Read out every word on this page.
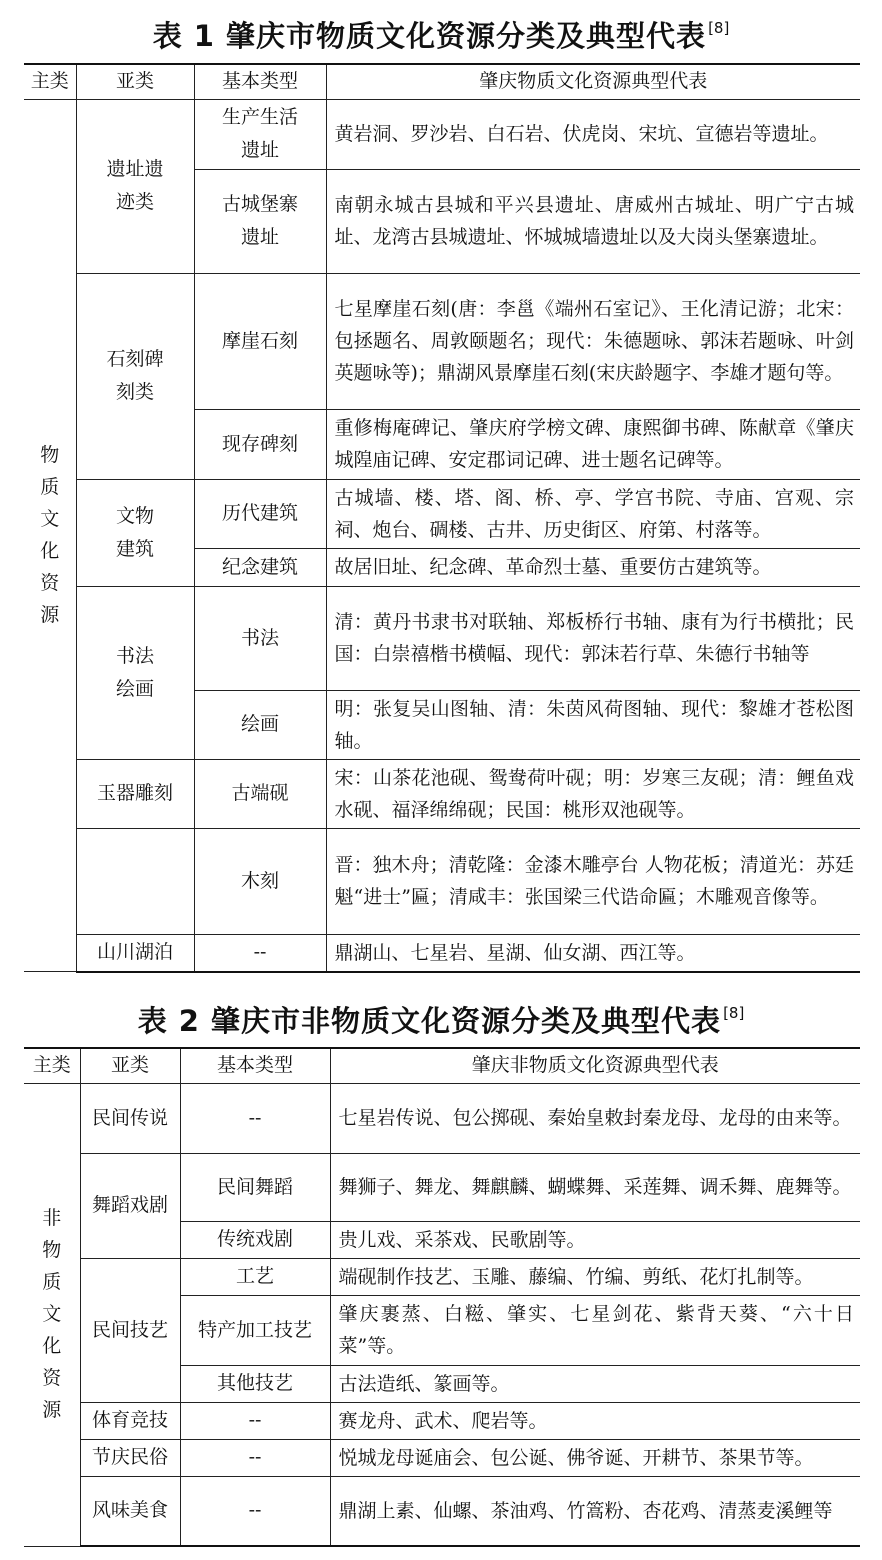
表 1 肇庆市物质文化资源分类及典型代表 [8]
主类	亚类	基本类型	肇庆物质文化资源典型代表
物质文化资源	遗址遗迹类	生产生活遗址	黄岩洞、罗沙岩、白石岩、伏虎岗、宋坑、宣德岩等遗址。
		古城堡寨遗址	南朝永城古县城和平兴县遗址、唐威州古城址、明广宁古城址、龙湾古县城遗址、怀城城墙遗址以及大岗头堡寨遗址。
	石刻碑刻类	摩崖石刻	七星摩崖石刻(唐：李邕《端州石室记》、王化清记游；北宋：包拯题名、周敦颐题名；现代：朱德题咏、郭沫若题咏、叶剑英题咏等)；鼎湖风景摩崖石刻(宋庆龄题字、李雄才题句等。
		现存碑刻	重修梅庵碑记、肇庆府学榜文碑、康熙御书碑、陈献章《肇庆城隍庙记碑、安定郡词记碑、进士题名记碑等。
	文物建筑	历代建筑	古城墙、楼、塔、阁、桥、亭、学宫书院、寺庙、宫观、宗祠、炮台、碉楼、古井、历史街区、府第、村落等。
		纪念建筑	故居旧址、纪念碑、革命烈士墓、重要仿古建筑等。
	书法绘画	书法	清：黄丹书隶书对联轴、郑板桥行书轴、康有为行书横批；民国：白崇禧楷书横幅、现代：郭沫若行草、朱德行书轴等
		绘画	明：张复吴山图轴、清：朱茵风荷图轴、现代：黎雄才苍松图轴。
	玉器雕刻	古端砚	宋：山茶花池砚、鸳鸯荷叶砚；明：岁寒三友砚；清：鲤鱼戏水砚、福泽绵绵砚；民国：桃形双池砚等。
		木刻	晋：独木舟；清乾隆：金漆木雕亭台 人物花板；清道光：苏廷魁“进士”匾；清咸丰：张国梁三代诰命匾；木雕观音像等。
	山川湖泊	--	鼎湖山、七星岩、星湖、仙女湖、西江等。
表 2 肇庆市非物质文化资源分类及典型代表 [8]
主类	亚类	基本类型	肇庆非物质文化资源典型代表
非物质文化资源	民间传说	--	七星岩传说、包公掷砚、秦始皇敕封秦龙母、龙母的由来等。
	舞蹈戏剧	民间舞蹈	舞狮子、舞龙、舞麒麟、蝴蝶舞、采莲舞、调禾舞、鹿舞等。
		传统戏剧	贵儿戏、采茶戏、民歌剧等。
	民间技艺	工艺	端砚制作技艺、玉雕、藤编、竹编、剪纸、花灯扎制等。
		特产加工技艺	肇庆裹蒸、白糍、肇实、七星剑花、紫背天葵、“六十日菜”等。
		其他技艺	古法造纸、篆画等。
	体育竞技	--	赛龙舟、武术、爬岩等。
	节庆民俗	--	悦城龙母诞庙会、包公诞、佛爷诞、开耕节、茶果节等。
	风味美食	--	鼎湖上素、仙螺、茶油鸡、竹篙粉、杏花鸡、清蒸麦溪鲤等
